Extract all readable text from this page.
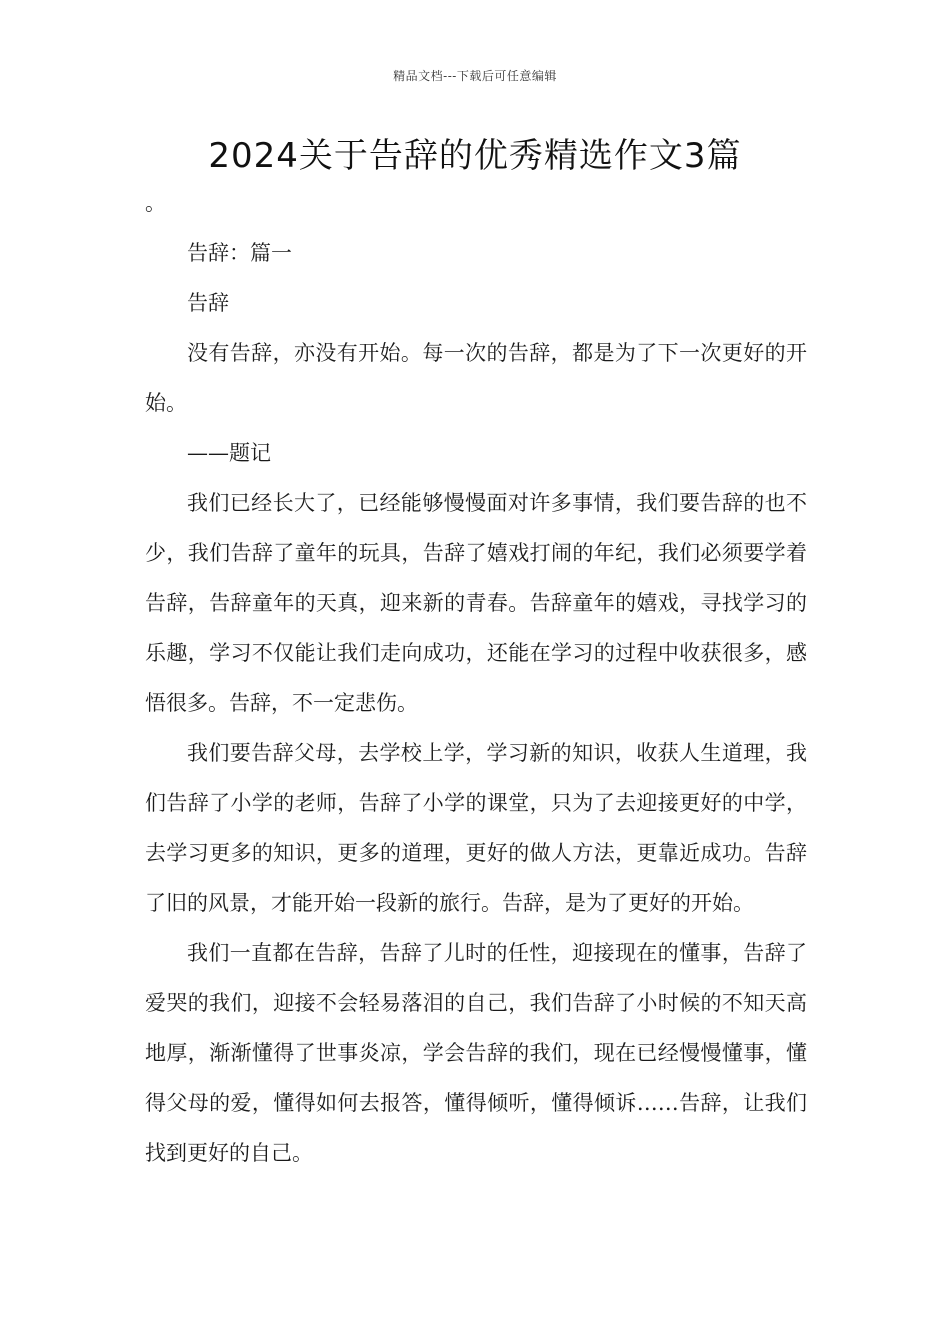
精品文档---下载后可任意编辑
2024关于告辞的优秀精选作文3篇

。

告辞：篇一

告辞

没有告辞，亦没有开始。每一次的告辞，都是为了下一次更好的开始。

——题记

我们已经长大了，已经能够慢慢面对许多事情，我们要告辞的也不少，我们告辞了童年的玩具，告辞了嬉戏打闹的年纪，我们必须要学着告辞，告辞童年的天真，迎来新的青春。告辞童年的嬉戏，寻找学习的乐趣，学习不仅能让我们走向成功，还能在学习的过程中收获很多，感悟很多。告辞，不一定悲伤。

我们要告辞父母，去学校上学，学习新的知识，收获人生道理，我们告辞了小学的老师，告辞了小学的课堂，只为了去迎接更好的中学，去学习更多的知识，更多的道理，更好的做人方法，更靠近成功。告辞了旧的风景，才能开始一段新的旅行。告辞，是为了更好的开始。

我们一直都在告辞，告辞了儿时的任性，迎接现在的懂事，告辞了爱哭的我们，迎接不会轻易落泪的自己，我们告辞了小时候的不知天高地厚，渐渐懂得了世事炎凉，学会告辞的我们，现在已经慢慢懂事，懂得父母的爱，懂得如何去报答，懂得倾听，懂得倾诉……告辞，让我们找到更好的自己。
